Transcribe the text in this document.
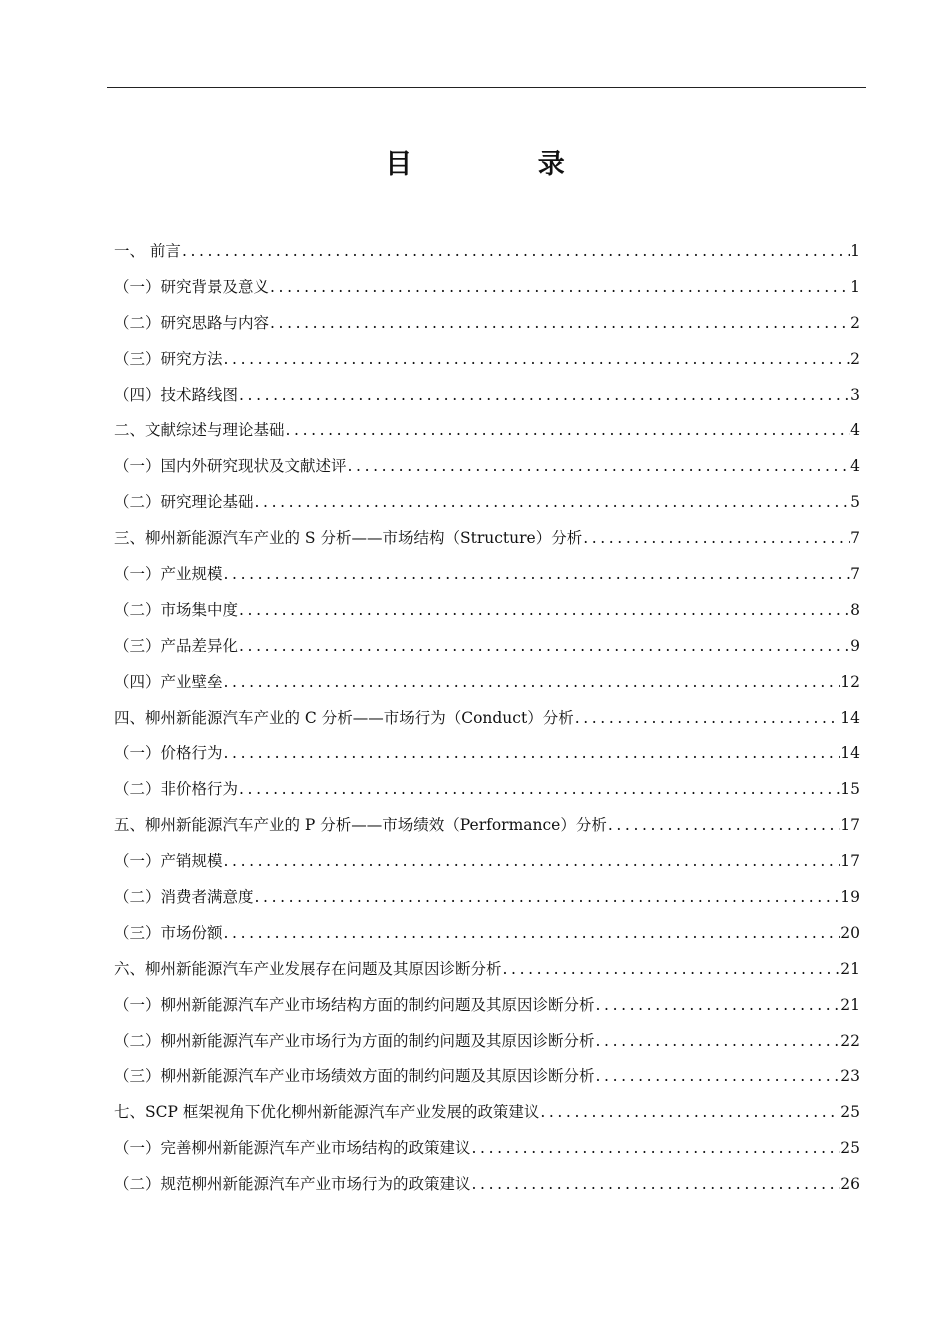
目 录
一、 前言 .....	1
（一）研究背景及意义 .....	1
（二）研究思路与内容 .....	2
（三）研究方法 .....	2
（四）技术路线图 .....	3
二、文献综述与理论基础 .....	4
（一）国内外研究现状及文献述评 .....	4
（二）研究理论基础 .....	5
三、柳州新能源汽车产业的 S 分析——市场结构（Structure）分析 .....	7
（一）产业规模 .....	7
（二）市场集中度 .....	8
（三）产品差异化 .....	9
（四）产业壁垒 .....	12
四、柳州新能源汽车产业的 C 分析——市场行为（Conduct）分析 .....	14
（一）价格行为 .....	14
（二）非价格行为 .....	15
五、柳州新能源汽车产业的 P 分析——市场绩效（Performance）分析 .....	17
（一）产销规模 .....	17
（二）消费者满意度 .....	19
（三）市场份额 .....	20
六、柳州新能源汽车产业发展存在问题及其原因诊断分析 .....	21
（一）柳州新能源汽车产业市场结构方面的制约问题及其原因诊断分析 .....	21
（二）柳州新能源汽车产业市场行为方面的制约问题及其原因诊断分析 .....	22
（三）柳州新能源汽车产业市场绩效方面的制约问题及其原因诊断分析 .....	23
七、SCP 框架视角下优化柳州新能源汽车产业发展的政策建议 .....	25
（一）完善柳州新能源汽车产业市场结构的政策建议 .....	25
（二）规范柳州新能源汽车产业市场行为的政策建议 .....	26
